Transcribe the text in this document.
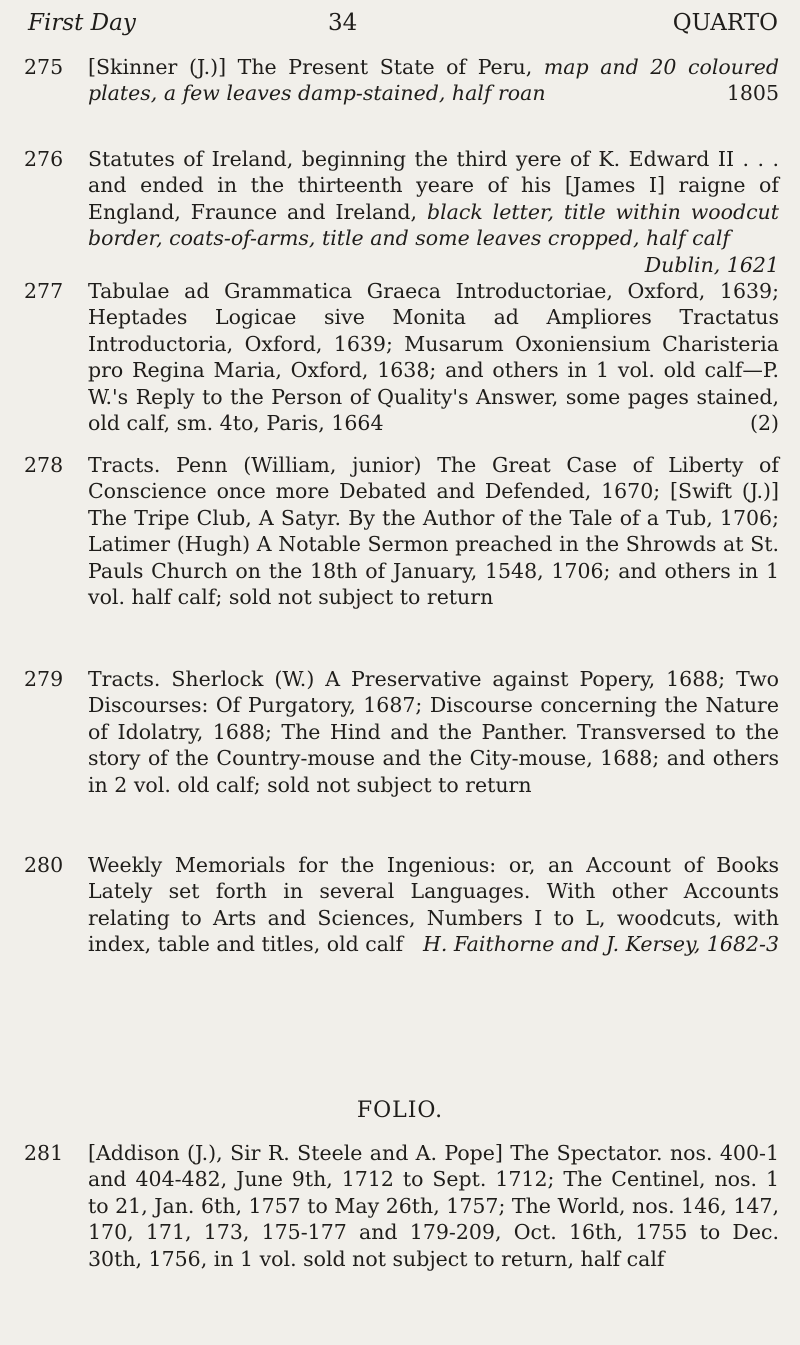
First Day	34	QUARTO
275	[Skinner (J.)] The Present State of Peru, map and 20 coloured plates, a few leaves damp-stained, half roan	1805
276	Statutes of Ireland, beginning the third yere of K. Edward II . . . and ended in the thirteenth yeare of his [James I] raigne of England, Fraunce and Ireland, black letter, title within woodcut border, coats-of-arms, title and some leaves cropped, half calf
Dublin, 1621
277	Tabulae ad Grammatica Graeca Introductoriae, Oxford, 1639; Heptades Logicae sive Monita ad Ampliores Tractatus Introductoria, Oxford, 1639; Musarum Oxoniensium Charisteria pro Regina Maria, Oxford, 1638; and others in 1 vol. old calf—P. W.'s Reply to the Person of Quality's Answer, some pages stained, old calf, sm. 4to, Paris, 1664	(2)
278	Tracts. Penn (William, junior) The Great Case of Liberty of Conscience once more Debated and Defended, 1670; [Swift (J.)] The Tripe Club, A Satyr. By the Author of the Tale of a Tub, 1706; Latimer (Hugh) A Notable Sermon preached in the Shrowds at St. Pauls Church on the 18th of January, 1548, 1706; and others in 1 vol. half calf; sold not subject to return
279	Tracts. Sherlock (W.) A Preservative against Popery, 1688; Two Discourses: Of Purgatory, 1687; Discourse concerning the Nature of Idolatry, 1688; The Hind and the Panther. Transversed to the story of the Country-mouse and the City-mouse, 1688; and others in 2 vol. old calf; sold not subject to return
280	Weekly Memorials for the Ingenious: or, an Account of Books Lately set forth in several Languages. With other Accounts relating to Arts and Sciences, Numbers I to L, woodcuts, with index, table and titles, old calf H. Faithorne and J. Kersey, 1682-3
FOLIO.
281	[Addison (J.), Sir R. Steele and A. Pope] The Spectator. nos. 400-1 and 404-482, June 9th, 1712 to Sept. 1712; The Centinel, nos. 1 to 21, Jan. 6th, 1757 to May 26th, 1757; The World, nos. 146, 147, 170, 171, 173, 175-177 and 179-209, Oct. 16th, 1755 to Dec. 30th, 1756, in 1 vol. sold not subject to return, half calf
